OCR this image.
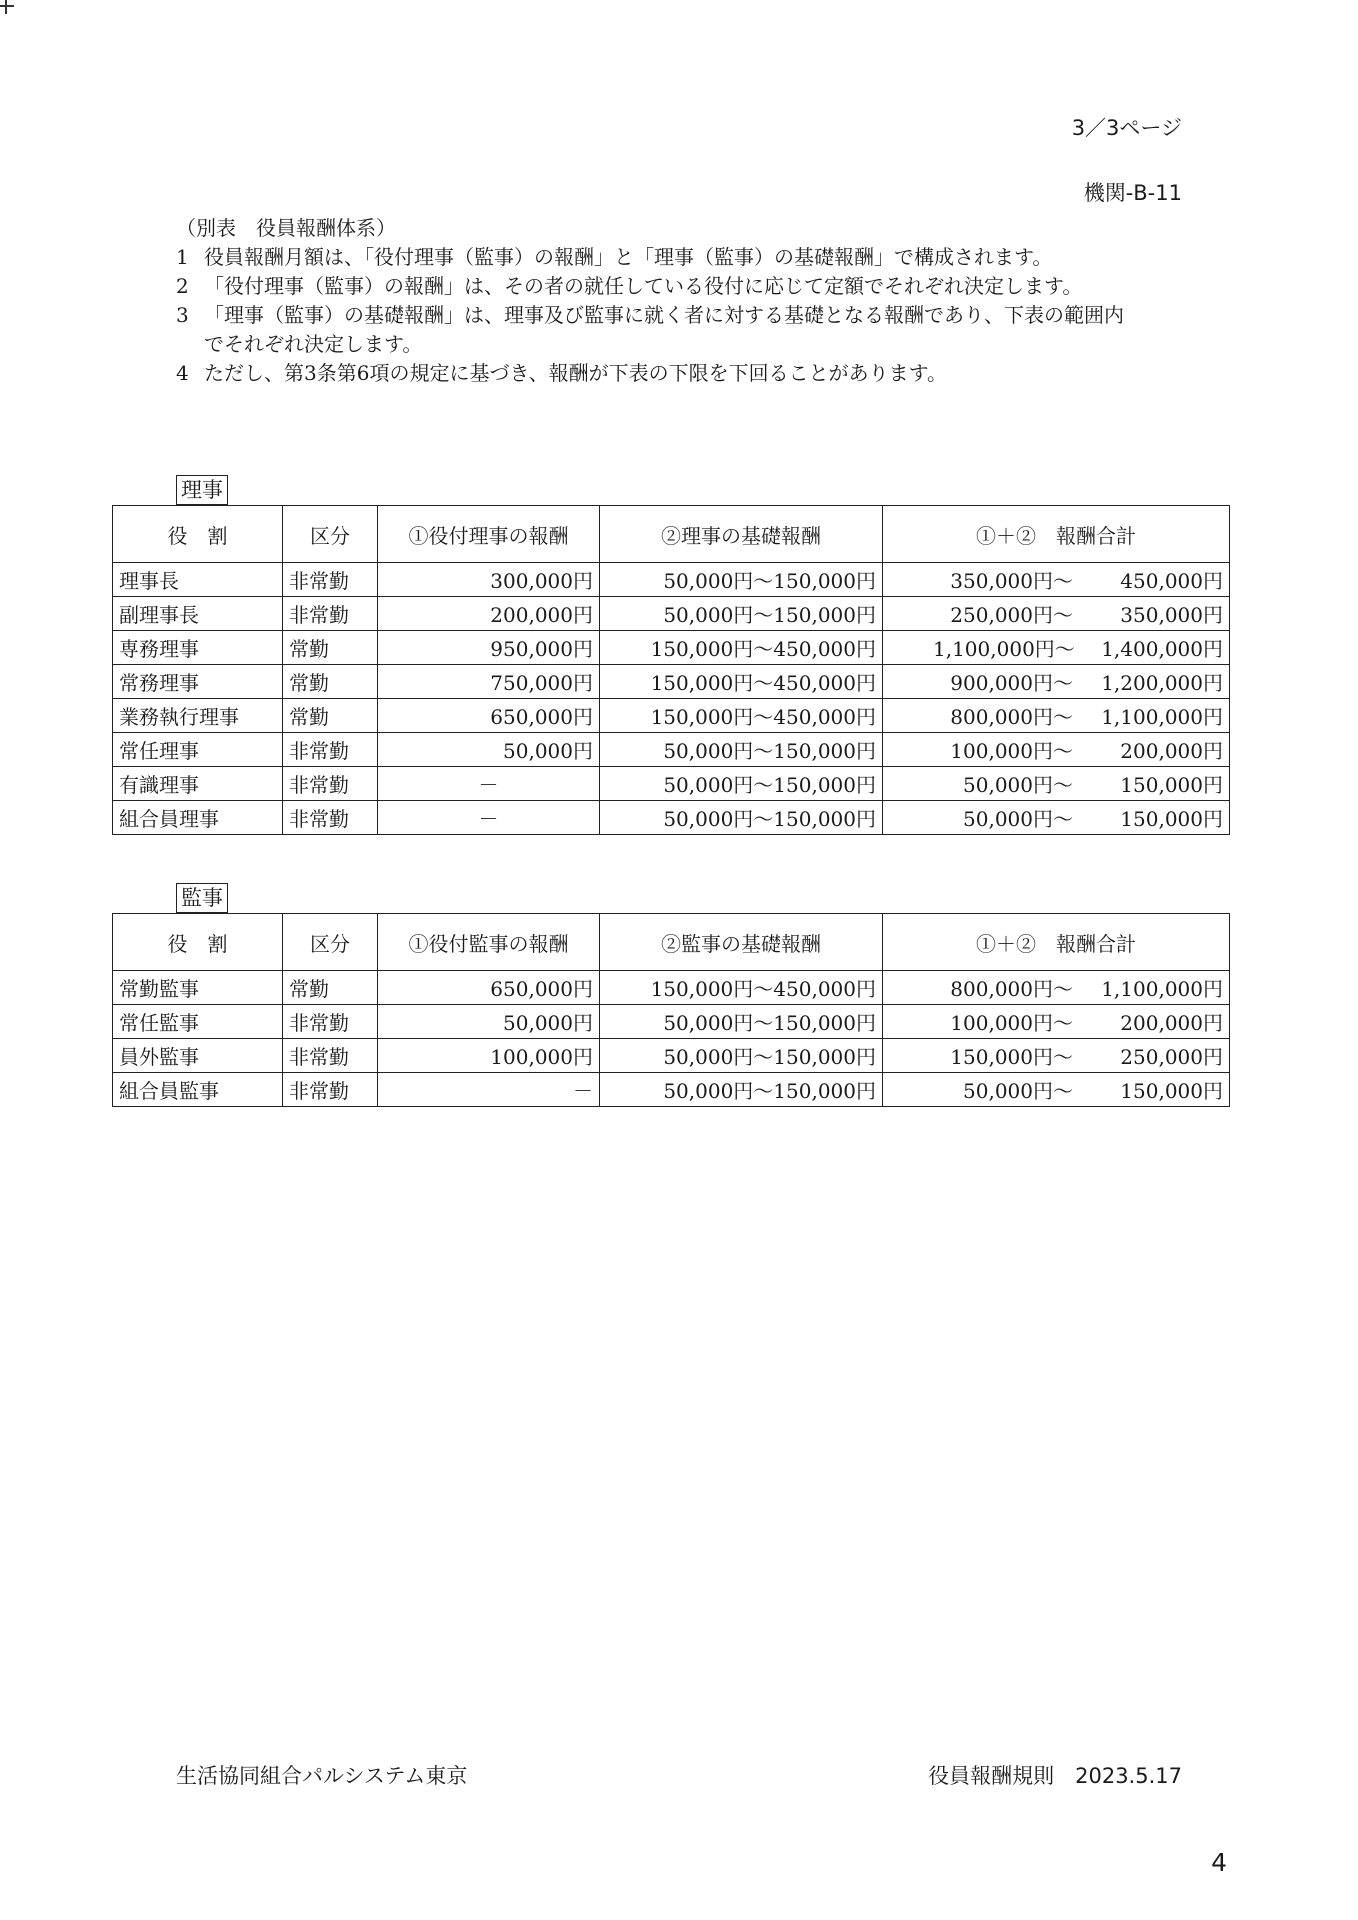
3／3ページ
機関-B-11
（別表　役員報酬体系）
1 役員報酬月額は、「役付理事（監事）の報酬」と「理事（監事）の基礎報酬」で構成されます。
2 「役付理事（監事）の報酬」は、その者の就任している役付に応じて定額でそれぞれ決定します。
3 「理事（監事）の基礎報酬」は、理事及び監事に就く者に対する基礎となる報酬であり、下表の範囲内
でそれぞれ決定します。
4 ただし、第3条第6項の規定に基づき、報酬が下表の下限を下回ることがあります。
理事
役　割	区分	①役付理事の報酬	②理事の基礎報酬	①＋②　報酬合計
理事長	非常勤	300,000円	50,000円～150,000円	350,000円～ 450,000円
副理事長	非常勤	200,000円	50,000円～150,000円	250,000円～ 350,000円
専務理事	常勤	950,000円	150,000円～450,000円	1,100,000円～ 1,400,000円
常務理事	常勤	750,000円	150,000円～450,000円	900,000円～ 1,200,000円
業務執行理事	常勤	650,000円	150,000円～450,000円	800,000円～ 1,100,000円
常任理事	非常勤	50,000円	50,000円～150,000円	100,000円～ 200,000円
有識理事	非常勤	－	50,000円～150,000円	50,000円～ 150,000円
組合員理事	非常勤	－	50,000円～150,000円	50,000円～ 150,000円
監事
役　割	区分	①役付監事の報酬	②監事の基礎報酬	①＋②　報酬合計
常勤監事	常勤	650,000円	150,000円～450,000円	800,000円～ 1,100,000円
常任監事	非常勤	50,000円	50,000円～150,000円	100,000円～ 200,000円
員外監事	非常勤	100,000円	50,000円～150,000円	150,000円～ 250,000円
組合員監事	非常勤	－	50,000円～150,000円	50,000円～ 150,000円
生活協同組合パルシステム東京	役員報酬規則　2023.5.17
4
